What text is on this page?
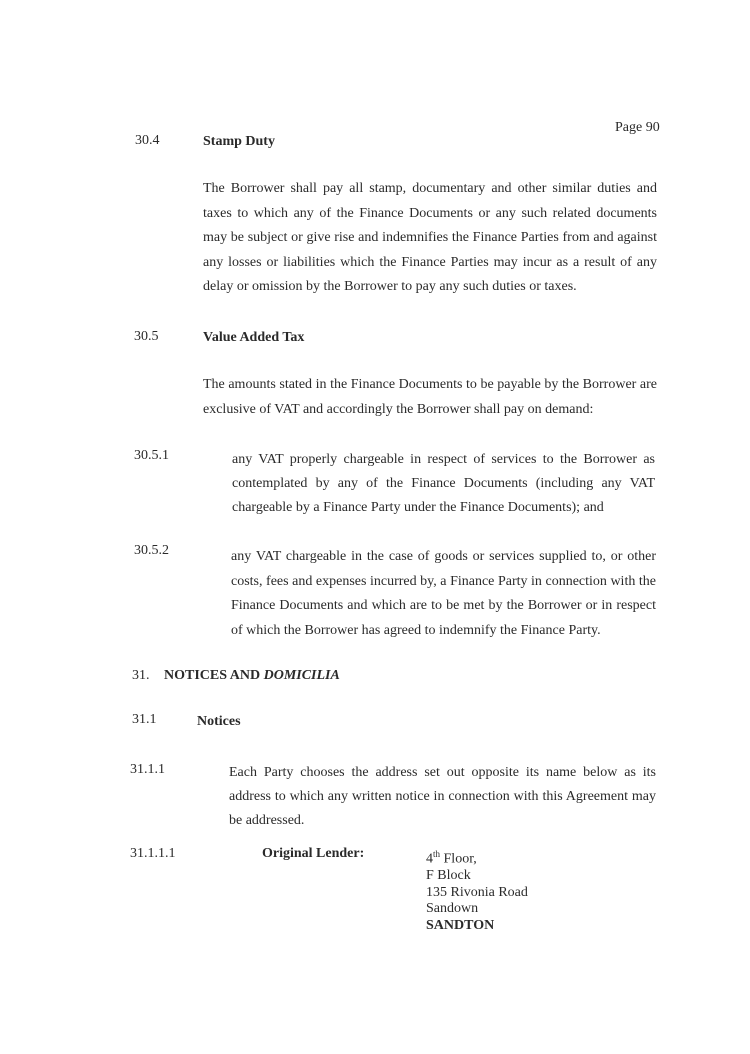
Page 90
30.4	Stamp Duty
The Borrower shall pay all stamp, documentary and other similar duties and taxes to which any of the Finance Documents or any such related documents may be subject or give rise and indemnifies the Finance Parties from and against any losses or liabilities which the Finance Parties may incur as a result of any delay or omission by the Borrower to pay any such duties or taxes.
30.5	Value Added Tax
The amounts stated in the Finance Documents to be payable by the Borrower are exclusive of VAT and accordingly the Borrower shall pay on demand:
30.5.1	any VAT properly chargeable in respect of services to the Borrower as contemplated by any of the Finance Documents (including any VAT chargeable by a Finance Party under the Finance Documents); and
30.5.2	any VAT chargeable in the case of goods or services supplied to, or other costs, fees and expenses incurred by, a Finance Party in connection with the Finance Documents and which are to be met by the Borrower or in respect of which the Borrower has agreed to indemnify the Finance Party.
31. NOTICES AND DOMICILIA
31.1	Notices
31.1.1	Each Party chooses the address set out opposite its name below as its address to which any written notice in connection with this Agreement may be addressed.
31.1.1.1	Original Lender:	4th Floor,
F Block
135 Rivonia Road
Sandown
SANDTON
